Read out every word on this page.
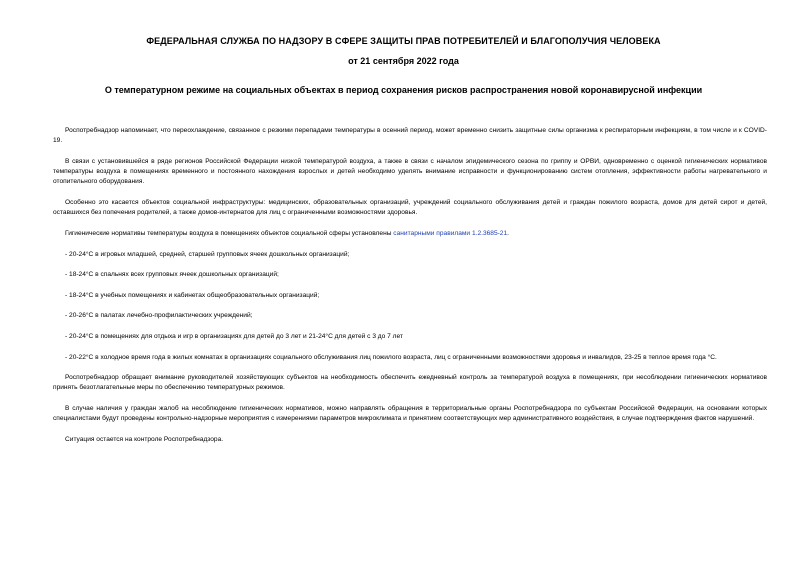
ФЕДЕРАЛЬНАЯ СЛУЖБА ПО НАДЗОРУ В СФЕРЕ ЗАЩИТЫ ПРАВ ПОТРЕБИТЕЛЕЙ И БЛАГОПОЛУЧИЯ ЧЕЛОВЕКА
от 21 сентября 2022 года
О температурном режиме на социальных объектах в период сохранения рисков распространения новой коронавирусной инфекции

Роспотребнадзор напоминает, что переохлаждение, связанное с резкими перепадами температуры в осенний период, может временно снизить защитные силы организма к респираторным инфекциям, в том числе и к COVID-19.

В связи с установившейся в ряде регионов Российской Федерации низкой температурой воздуха, а также в связи с началом эпидемического сезона по гриппу и ОРВИ, одновременно с оценкой гигиенических нормативов температуры воздуха в помещениях временного и постоянного нахождения взрослых и детей необходимо уделять внимание исправности и функционированию систем отопления, эффективности работы нагревательного и отопительного оборудования.

Особенно это касается объектов социальной инфраструктуры: медицинских, образовательных организаций, учреждений социального обслуживания детей и граждан пожилого возраста, домов для детей сирот и детей, оставшихся без попечения родителей, а также домов-интернатов для лиц с ограниченными возможностями здоровья.

Гигиенические нормативы температуры воздуха в помещениях объектов социальной сферы установлены санитарными правилами 1.2.3685-21.

- 20-24°С в игровых младшей, средней, старшей групповых ячеек дошкольных организаций;

- 18-24°С в спальнях всех групповых ячеек дошкольных организаций;

- 18-24°С в учебных помещениях и кабинетах общеобразовательных организаций;

- 20-26°С в палатах лечебно-профилактических учреждений;

- 20-24°С в помещениях для отдыха и игр в организациях для детей до 3 лет и 21-24°С для детей с 3 до 7 лет

- 20-22°С в холодное время года в жилых комнатах в организациях социального обслуживания лиц пожилого возраста, лиц с ограниченными возможностями здоровья и инвалидов, 23-25 в теплое время года °С.

Роспотребнадзор обращает внимание руководителей хозяйствующих субъектов на необходимость обеспечить ежедневный контроль за температурой воздуха в помещениях, при несоблюдении гигиенических нормативов принять безотлагательные меры по обеспечению температурных режимов.

В случае наличия у граждан жалоб на несоблюдение гигиенических нормативов, можно направлять обращения в территориальные органы Роспотребнадзора по субъектам Российской Федерации, на основании которых специалистами будут проведены контрольно-надзорные мероприятия с измерениями параметров микроклимата и принятием соответствующих мер административного воздействия, в случае подтверждения фактов нарушений.

Ситуация остается на контроле Роспотребнадзора.
